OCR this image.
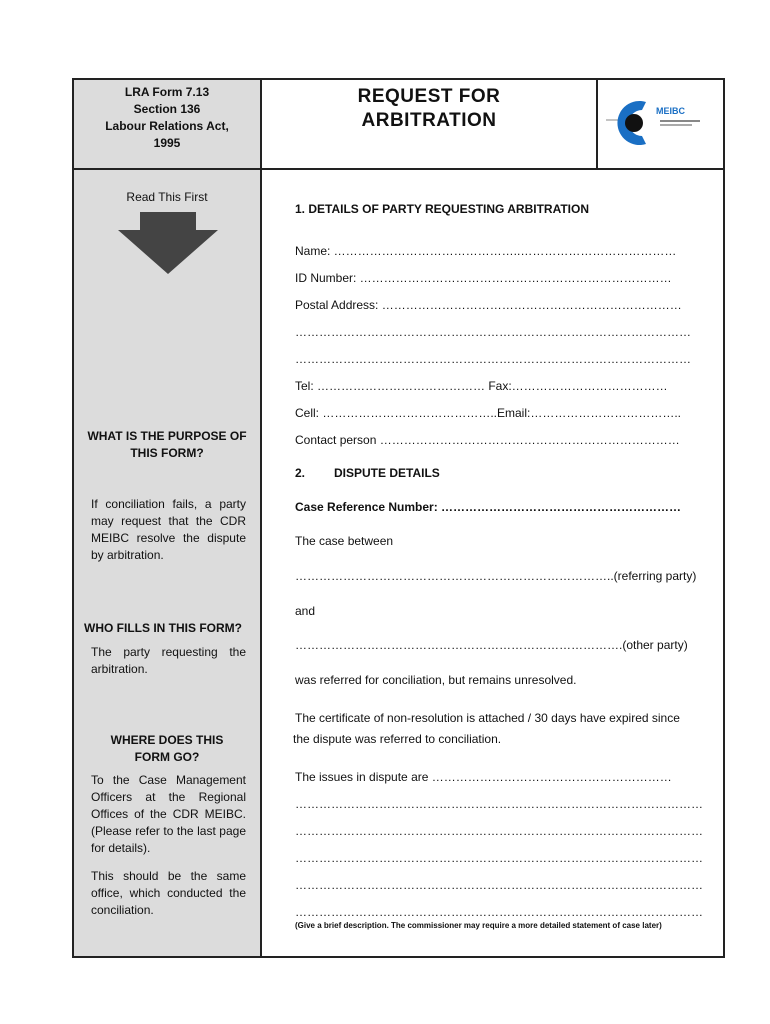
LRA Form 7.13
Section 136
Labour Relations Act,
1995
REQUEST FOR
ARBITRATION	MEIBC
Read This First
WHAT IS THE PURPOSE OF
THIS FORM?

If conciliation fails, a party may request that the CDR MEIBC resolve the dispute by arbitration.

WHO FILLS IN THIS FORM?

The party requesting the arbitration.

WHERE DOES THIS
FORM GO?

To the Case Management Officers at the Regional Offices of the CDR MEIBC. (Please refer to the last page for details).

This should be the same office, which conducted the conciliation.

1. DETAILS OF PARTY REQUESTING ARBITRATION
Name: ………………………………………..…………………………………
ID Number: ……………………………………………………………………
Postal Address: …………………………………………………………………
………………………………………………………………………………………
………………………………………………………………………………………
Tel: …………………………………… Fax:…………………………………
Cell: ……………………………………..Email:………………………………..
Contact person …………………………………………………………………
2. DISPUTE DETAILS
Case Reference Number: ……………………………………………………
The case between
……………………………………………………………………..(referring party)
and
……………………………………………………………………….(other party)
was referred for conciliation, but remains unresolved.
The certificate of non-resolution is attached / 30 days have expired since
the dispute was referred to conciliation.
The issues in dispute are ……………………………………………………
…………………………………………………………………………………………
…………………………………………………………………………………………
…………………………………………………………………………………………
…………………………………………………………………………………………
…………………………………………………………………………………………
(Give a brief description. The commissioner may require a more detailed statement of case later)
